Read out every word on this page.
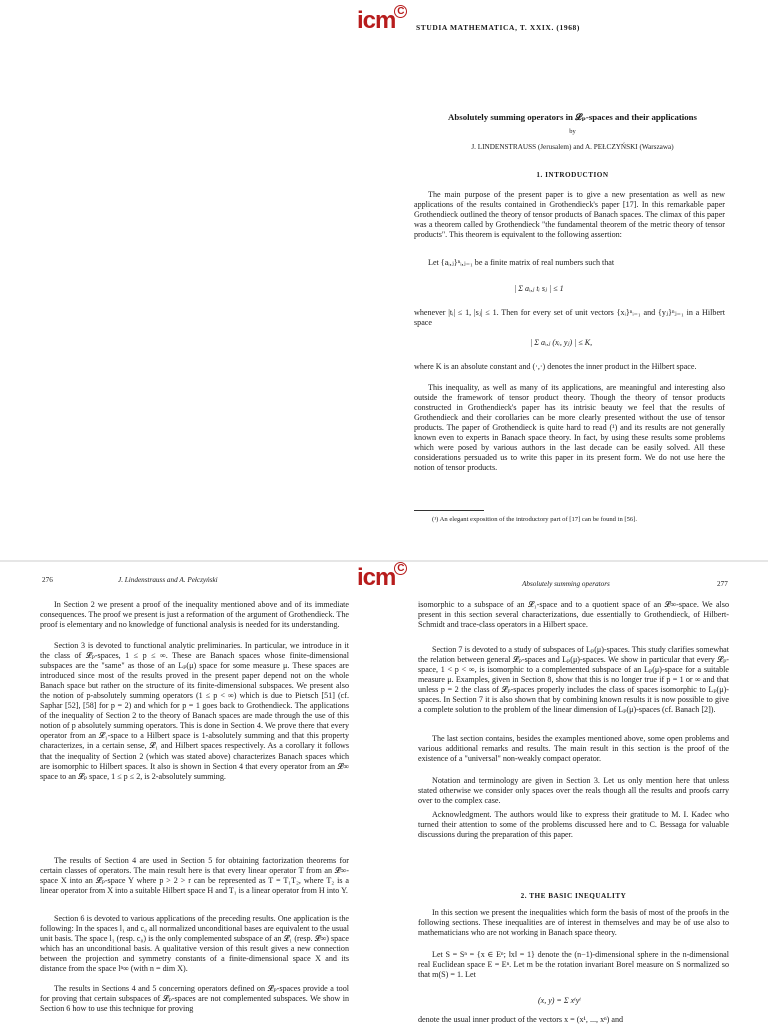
icm C
STUDIA MATHEMATICA, T. XXIX. (1968)
Absolutely summing operators in 𝓛ₚ-spaces and their applications
by
J. LINDENSTRAUSS (Jerusalem) and A. PEŁCZYŃSKI (Warszawa)
1. INTRODUCTION

The main purpose of the present paper is to give a new presentation as well as new applications of the results contained in Grothendieck's paper [17]. In this remarkable paper Grothendieck outlined the theory of tensor products of Banach spaces. The climax of this paper was a theorem called by Grothendieck "the fundamental theorem of the metric theory of tensor products". This theorem is equivalent to the following assertion:

Let {aᵢ,ⱼ}ⁿᵢ,ⱼ₌₁ be a finite matrix of real numbers such that

| Σ aᵢ,ⱼ tᵢ sⱼ | ≤ 1

whenever |tᵢ| ≤ 1, |sⱼ| ≤ 1. Then for every set of unit vectors {xᵢ}ⁿᵢ₌₁ and {yⱼ}ⁿⱼ₌₁ in a Hilbert space

| Σ aᵢ,ⱼ (xᵢ, yⱼ) | ≤ K,

where K is an absolute constant and (·,·) denotes the inner product in the Hilbert space.

This inequality, as well as many of its applications, are meaningful and interesting also outside the framework of tensor product theory. Though the theory of tensor products constructed in Grothendieck's paper has its intrisic beauty we feel that the results of Grothendieck and their corollaries can be more clearly presented without the use of tensor products. The paper of Grothendieck is quite hard to read (¹) and its results are not generally known even to experts in Banach space theory. In fact, by using these results some problems which were posed by various authors in the last decade can be easily solved. All these considerations persuaded us to write this paper in its present form. We do not use here the notion of tensor products.

(¹) An elegant exposition of the introductory part of [17] can be found in [56].
276	J. Lindenstrauss and A. Pełczyński	icm C
Absolutely summing operators	277

In Section 2 we present a proof of the inequality mentioned above and of its immediate consequences. The proof we present is just a reformation of the argument of Grothendieck. The proof is elementary and no knowledge of functional analysis is needed for its understanding.

Section 3 is devoted to functional analytic preliminaries. In particular, we introduce in it the class of 𝓛ₚ-spaces, 1 ≤ p ≤ ∞. These are Banach spaces whose finite-dimensional subspaces are the "same" as those of an Lₚ(μ) space for some measure μ. These spaces are introduced since most of the results proved in the present paper depend not on the whole Banach space but rather on the structure of its finite-dimensional subspaces. We present also the notion of p-absolutely summing operators (1 ≤ p < ∞) which is due to Pietsch [51] (cf. Saphar [52], [58] for p = 2) and which for p = 1 goes back to Grothendieck. The applications of the inequality of Section 2 to the theory of Banach spaces are made through the use of this notion of p absolutely summing operators. This is done in Section 4. We prove there that every operator from an 𝓛₁-space to a Hilbert space is 1-absolutely summing and that this property characterizes, in a certain sense, 𝓛₁ and Hilbert spaces respectively. As a corollary it follows that the inequality of Section 2 (which was stated above) characterizes Banach spaces which are isomorphic to Hilbert spaces. It also is shown in Section 4 that every operator from an 𝓛∞ space to an 𝓛ₚ space, 1 ≤ p ≤ 2, is 2-absolutely summing.

The results of Section 4 are used in Section 5 for obtaining factorization theorems for certain classes of operators. The main result here is that every linear operator T from an 𝓛∞-space X into an 𝓛ₚ-space Y where p > 2 > r can be represented as T = T₁T₂, where T₂ is a linear operator from X into a suitable Hilbert space H and T₁ is a linear operator from H into Y.

Section 6 is devoted to various applications of the preceding results. One application is the following: In the spaces l₁ and c₀ all normalized unconditional bases are equivalent to the usual unit basis. The space l₁ (resp. c₀) is the only complemented subspace of an 𝓛₁ (resp. 𝓛∞) space which has an unconditional basis. A qualitative version of this result gives a new connection between the projection and symmetry constants of a finite-dimensional space X and its distance from the space lⁿ∞ (with n = dim X).

The results in Sections 4 and 5 concerning operators defined on 𝓛ₚ-spaces provide a tool for proving that certain subspaces of 𝓛ₚ-spaces are not complemented subspaces. We show in Section 6 how to use this technique for proving

isomorphic to a subspace of an 𝓛₁-space and to a quotient space of an 𝓛∞-space. We also present in this section several characterizations, due essentially to Grothendieck, of Hilbert-Schmidt and trace-class operators in a Hilbert space.

Section 7 is devoted to a study of subspaces of Lₚ(μ)-spaces. This study clarifies somewhat the relation between general 𝓛ₚ-spaces and Lₚ(μ)-spaces. We show in particular that every 𝓛ₚ-space, 1 < p < ∞, is isomorphic to a complemented subspace of an Lₚ(μ)-space for a suitable measure μ. Examples, given in Section 8, show that this is no longer true if p = 1 or ∞ and that unless p = 2 the class of 𝓛ₚ-spaces properly includes the class of spaces isomorphic to Lₚ(μ)-spaces. In Section 7 it is also shown that by combining known results it is now possible to give a complete solution to the problem of the linear dimension of Lₚ(μ)-spaces (cf. Banach [2]).

The last section contains, besides the examples mentioned above, some open problems and various additional remarks and results. The main result in this section is the proof of the existence of a "universal" non-weakly compact operator.

Notation and terminology are given in Section 3. Let us only mention here that unless stated otherwise we consider only spaces over the reals though all the results and proofs carry over to the complex case.

Acknowledgment. The authors would like to express their gratitude to M. I. Kadec who turned their attention to some of the problems discussed here and to C. Bessaga for valuable discussions during the preparation of this paper.

2. THE BASIC INEQUALITY

In this section we present the inequalities which form the basis of most of the proofs in the following sections. These inequalities are of interest in themselves and may be of use also to mathematicians who are not working in Banach space theory.

Let S = Sⁿ = {x ∈ Eⁿ; ‖x‖ = 1} denote the (n−1)-dimensional sphere in the n-dimensional real Euclidean space E = Eⁿ. Let m be the rotation invariant Borel measure on S normalized so that m(S) = 1. Let

(x, y) = Σ xⁱyⁱ

denote the usual inner product of the vectors x = (x¹, ..., xⁿ) and
